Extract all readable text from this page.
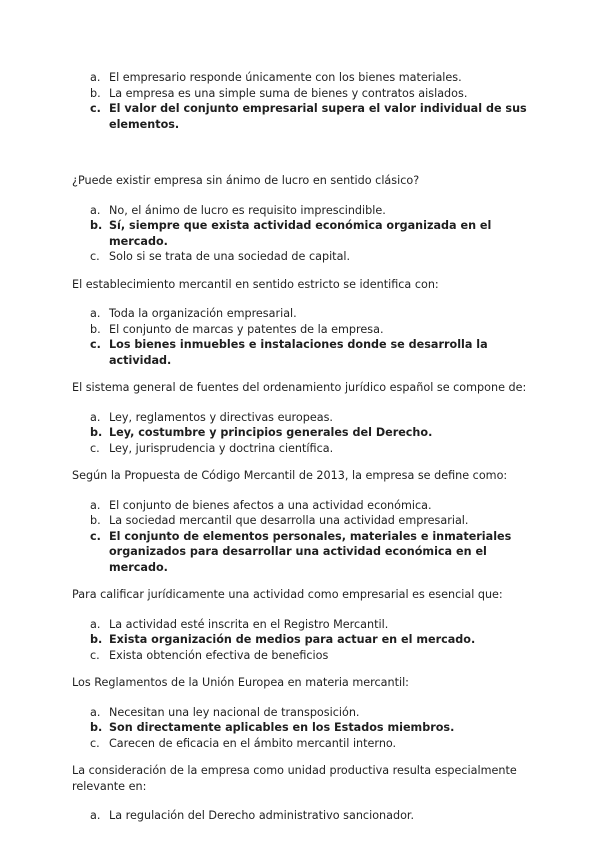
a. El empresario responde únicamente con los bienes materiales.
b. La empresa es una simple suma de bienes y contratos aislados.
c. El valor del conjunto empresarial supera el valor individual de sus elementos.

¿Puede existir empresa sin ánimo de lucro en sentido clásico?

a. No, el ánimo de lucro es requisito imprescindible.
b. Sí, siempre que exista actividad económica organizada en el mercado.
c. Solo si se trata de una sociedad de capital.

El establecimiento mercantil en sentido estricto se identifica con:

a. Toda la organización empresarial.
b. El conjunto de marcas y patentes de la empresa.
c. Los bienes inmuebles e instalaciones donde se desarrolla la actividad.

El sistema general de fuentes del ordenamiento jurídico español se compone de:

a. Ley, reglamentos y directivas europeas.
b. Ley, costumbre y principios generales del Derecho.
c. Ley, jurisprudencia y doctrina científica.

Según la Propuesta de Código Mercantil de 2013, la empresa se define como:

a. El conjunto de bienes afectos a una actividad económica.
b. La sociedad mercantil que desarrolla una actividad empresarial.
c. El conjunto de elementos personales, materiales e inmateriales organizados para desarrollar una actividad económica en el mercado.

Para calificar jurídicamente una actividad como empresarial es esencial que:

a. La actividad esté inscrita en el Registro Mercantil.
b. Exista organización de medios para actuar en el mercado.
c. Exista obtención efectiva de beneficios

Los Reglamentos de la Unión Europea en materia mercantil:

a. Necesitan una ley nacional de transposición.
b. Son directamente aplicables en los Estados miembros.
c. Carecen de eficacia en el ámbito mercantil interno.

La consideración de la empresa como unidad productiva resulta especialmente relevante en:

a. La regulación del Derecho administrativo sancionador.
